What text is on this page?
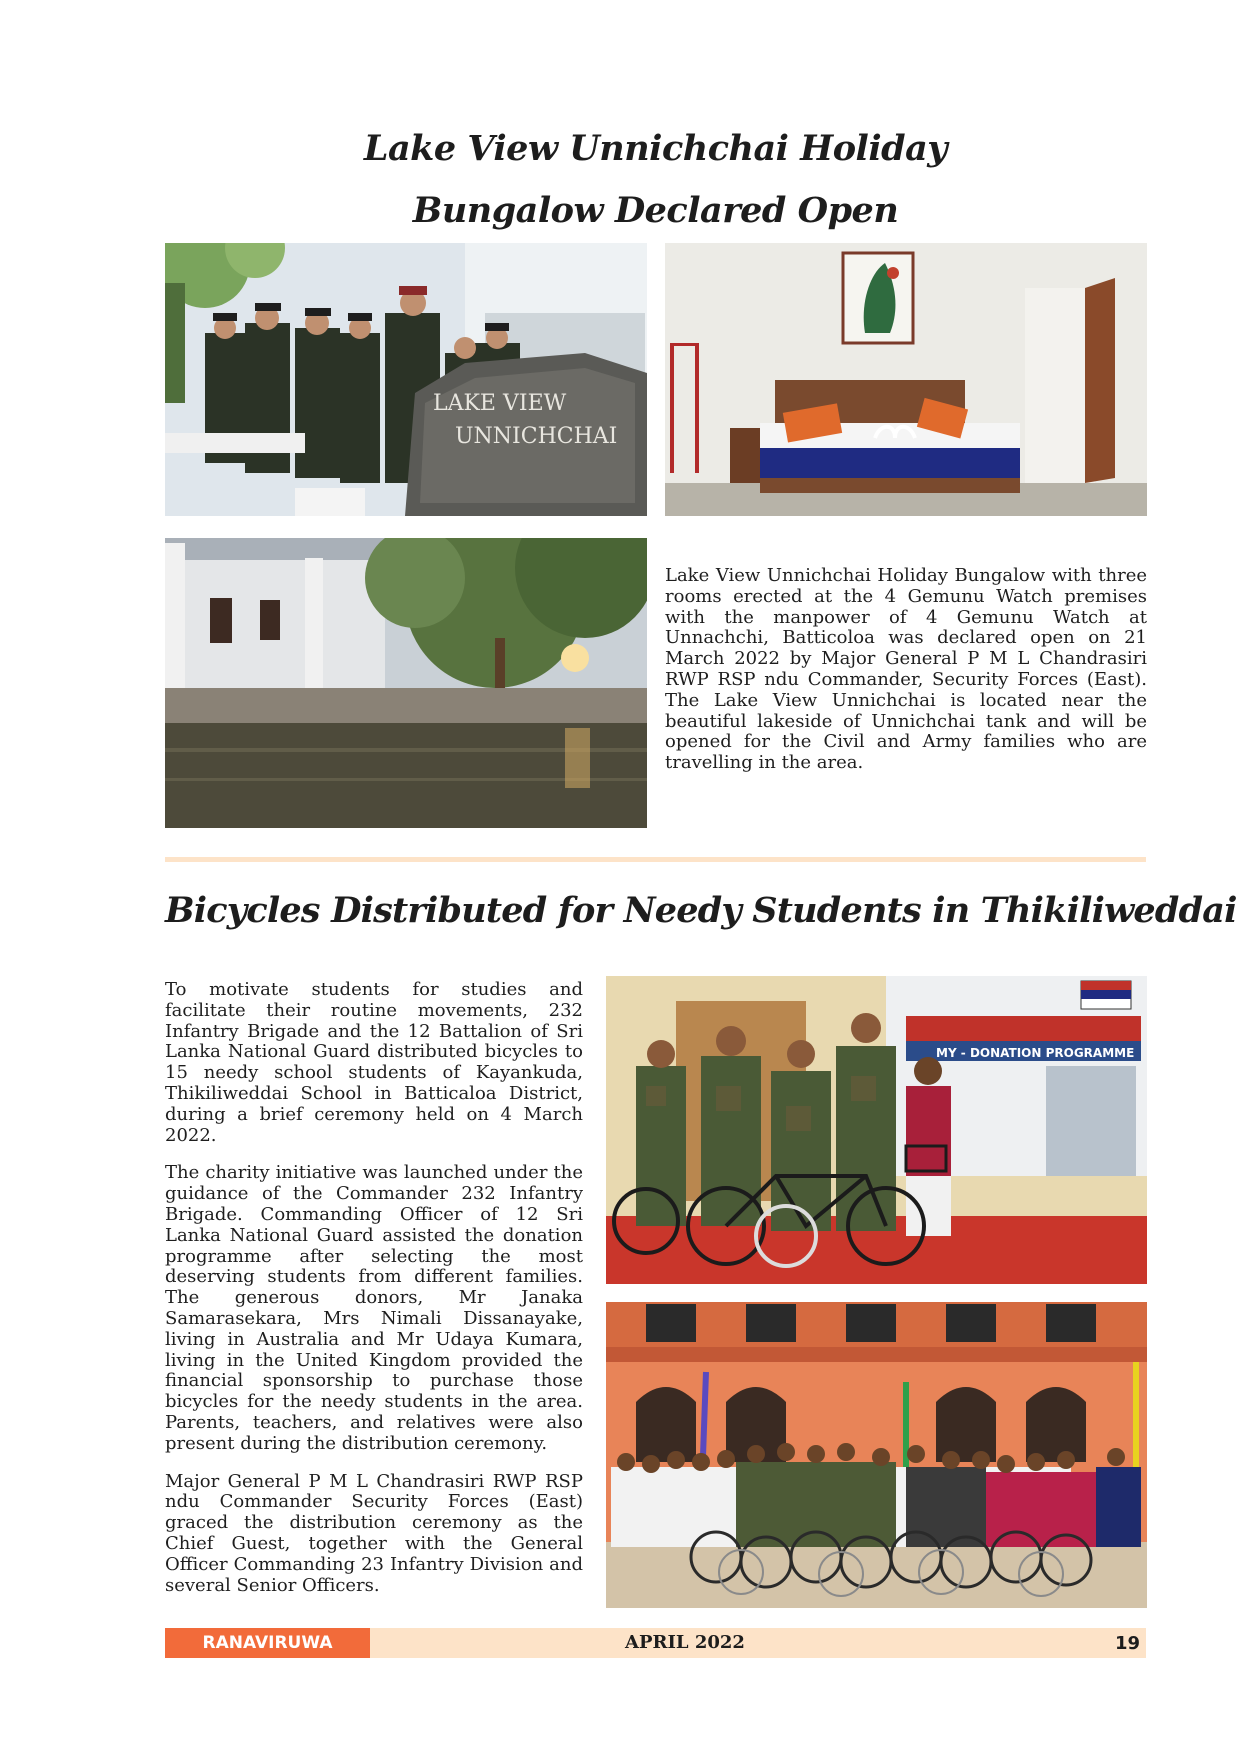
Lake View Unnichchai Holiday
Bungalow Declared Open
LAKE VIEW
UNNICHCHAI
Lake View Unnichchai Holiday Bungalow with three rooms erected at the 4 Gemunu Watch premises with the manpower of 4 Gemunu Watch at Unnachchi, Batticoloa was declared open on 21 March 2022 by Major General P M L Chandrasiri RWP RSP ndu Commander, Security Forces (East). The Lake View Unnichchai is located near the beautiful lakeside of Unnichchai tank and will be opened for the Civil and Army families who are travelling in the area.
Bicycles Distributed for Needy Students in Thikiliweddai

To motivate students for studies and facilitate their routine movements, 232 Infantry Brigade and the 12 Battalion of Sri Lanka National Guard distributed bicycles to 15 needy school students of Kayankuda, Thikiliweddai School in Batticaloa District, during a brief ceremony held on 4 March 2022.

The charity initiative was launched under the guidance of the Commander 232 Infantry Brigade. Commanding Officer of 12 Sri Lanka National Guard assisted the donation programme after selecting the most deserving students from different families. The generous donors, Mr Janaka Samarasekara, Mrs Nimali Dissanayake, living in Australia and Mr Udaya Kumara, living in the United Kingdom provided the financial sponsorship to purchase those bicycles for the needy students in the area. Parents, teachers, and relatives were also present during the distribution ceremony.

Major General P M L Chandrasiri RWP RSP ndu Commander Security Forces (East) graced the distribution ceremony as the Chief Guest, together with the General Officer Commanding 23 Infantry Division and several Senior Officers.

MY - DONATION PROGRAMME
RANAVIRUWA	APRIL 2022	19
